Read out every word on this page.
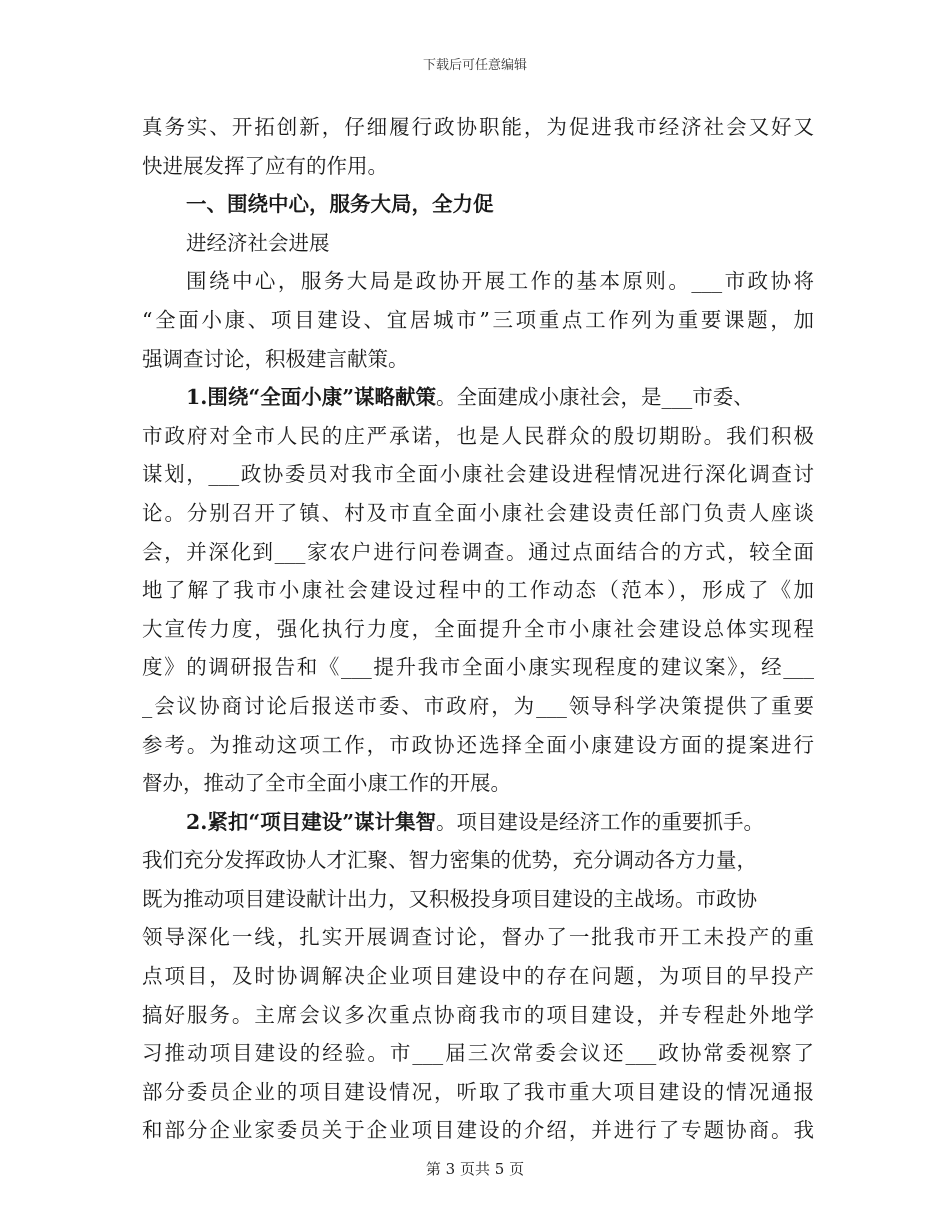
下载后可任意编辑
真务实、开拓创新，仔细履行政协职能，为促进我市经济社会又好又
快进展发挥了应有的作用。
一、围绕中心，服务大局，全力促
进经济社会进展
围绕中心，服务大局是政协开展工作的基本原则。___市政协将
“全面小康、项目建设、宜居城市”三项重点工作列为重要课题，加
强调查讨论，积极建言献策。
1.围绕“全面小康”谋略献策。全面建成小康社会，是___市委、
市政府对全市人民的庄严承诺，也是人民群众的殷切期盼。我们积极
谋划，___政协委员对我市全面小康社会建设进程情况进行深化调查讨
论。分别召开了镇、村及市直全面小康社会建设责任部门负责人座谈
会，并深化到___家农户进行问卷调查。通过点面结合的方式，较全面
地了解了我市小康社会建设过程中的工作动态（范本），形成了《加
大宣传力度，强化执行力度，全面提升全市小康社会建设总体实现程
度》的调研报告和《___提升我市全面小康实现程度的建议案》，经___
_会议协商讨论后报送市委、市政府，为___领导科学决策提供了重要
参考。为推动这项工作，市政协还选择全面小康建设方面的提案进行
督办，推动了全市全面小康工作的开展。
2.紧扣“项目建设”谋计集智。项目建设是经济工作的重要抓手。
我们充分发挥政协人才汇聚、智力密集的优势，充分调动各方力量，
既为推动项目建设献计出力，又积极投身项目建设的主战场。市政协
领导深化一线，扎实开展调查讨论，督办了一批我市开工未投产的重
点项目，及时协调解决企业项目建设中的存在问题，为项目的早投产
搞好服务。主席会议多次重点协商我市的项目建设，并专程赴外地学
习推动项目建设的经验。市___届三次常委会议还___政协常委视察了
部分委员企业的项目建设情况，听取了我市重大项目建设的情况通报
和部分企业家委员关于企业项目建设的介绍，并进行了专题协商。我
第 3 页共 5 页
